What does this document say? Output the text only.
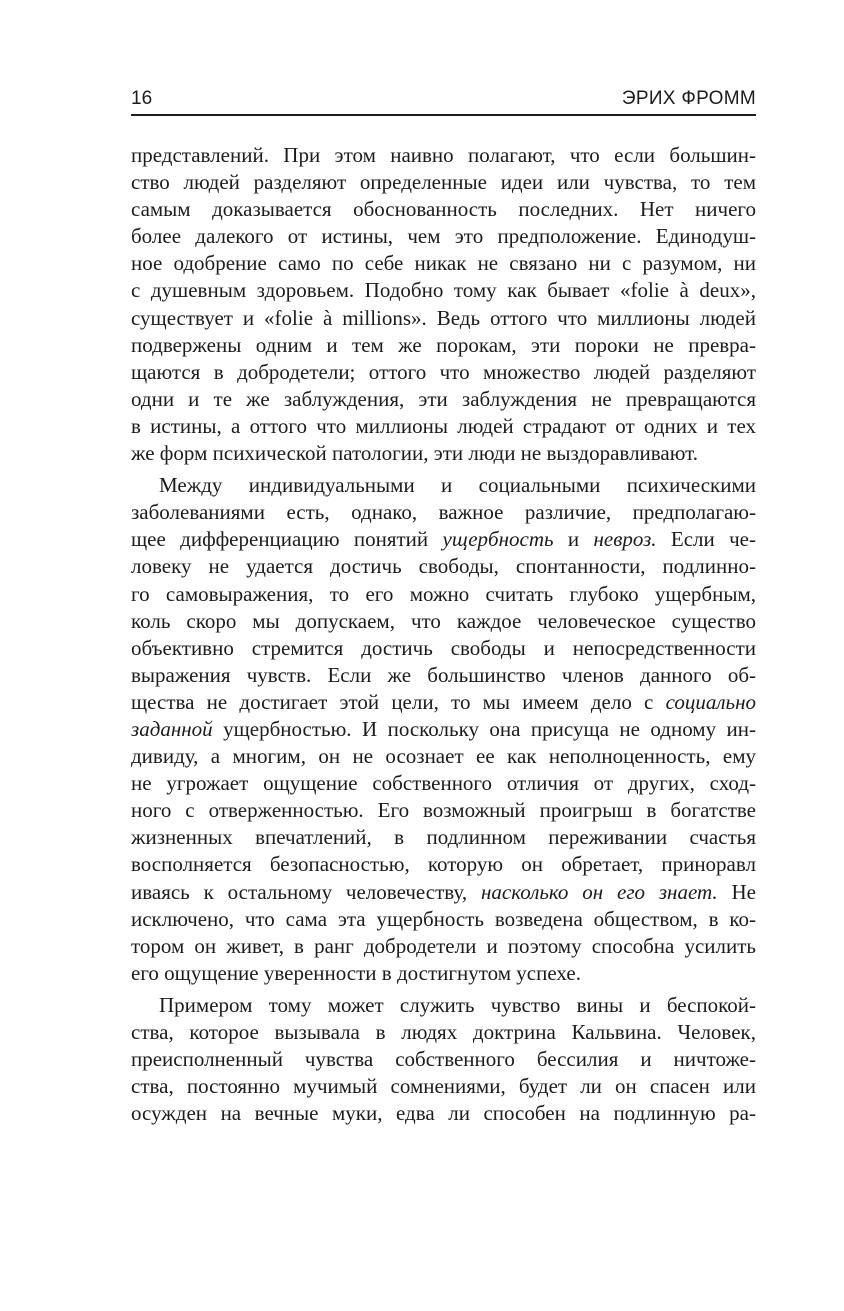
16	ЭРИХ ФРОММ
представлений. При этом наивно полагают, что если большин-
ство людей разделяют определенные идеи или чувства, то тем
самым доказывается обоснованность последних. Нет ничего
более далекого от истины, чем это предположение. Единодуш-
ное одобрение само по себе никак не связано ни с разумом, ни
с душевным здоровьем. Подобно тому как бывает «folie à deux»,
существует и «folie à millions». Ведь оттого что миллионы людей
подвержены одним и тем же порокам, эти пороки не превра-
щаются в добродетели; оттого что множество людей разделяют
одни и те же заблуждения, эти заблуждения не превращаются
в истины, а оттого что миллионы людей страдают от одних и тех
же форм психической патологии, эти люди не выздоравливают.
Между индивидуальными и социальными психическими
заболеваниями есть, однако, важное различие, предполагаю-
щее дифференциацию понятий ущербность и невроз. Если че-
ловеку не удается достичь свободы, спонтанности, подлинно-
го самовыражения, то его можно считать глубоко ущербным,
коль скоро мы допускаем, что каждое человеческое существо
объективно стремится достичь свободы и непосредственности
выражения чувств. Если же большинство членов данного об-
щества не достигает этой цели, то мы имеем дело с социально
заданной ущербностью. И поскольку она присуща не одному ин-
дивиду, а многим, он не осознает ее как неполноценность, ему
не угрожает ощущение собственного отличия от других, сход-
ного с отверженностью. Его возможный проигрыш в богатстве
жизненных впечатлений, в подлинном переживании счастья
восполняется безопасностью, которую он обретает, приноравл
иваясь к остальному человечеству, насколько он его знает. Не
исключено, что сама эта ущербность возведена обществом, в ко-
тором он живет, в ранг добродетели и поэтому способна усилить
его ощущение уверенности в достигнутом успехе.
Примером тому может служить чувство вины и беспокой-
ства, которое вызывала в людях доктрина Кальвина. Человек,
преисполненный чувства собственного бессилия и ничтоже-
ства, постоянно мучимый сомнениями, будет ли он спасен или
осужден на вечные муки, едва ли способен на подлинную ра-
